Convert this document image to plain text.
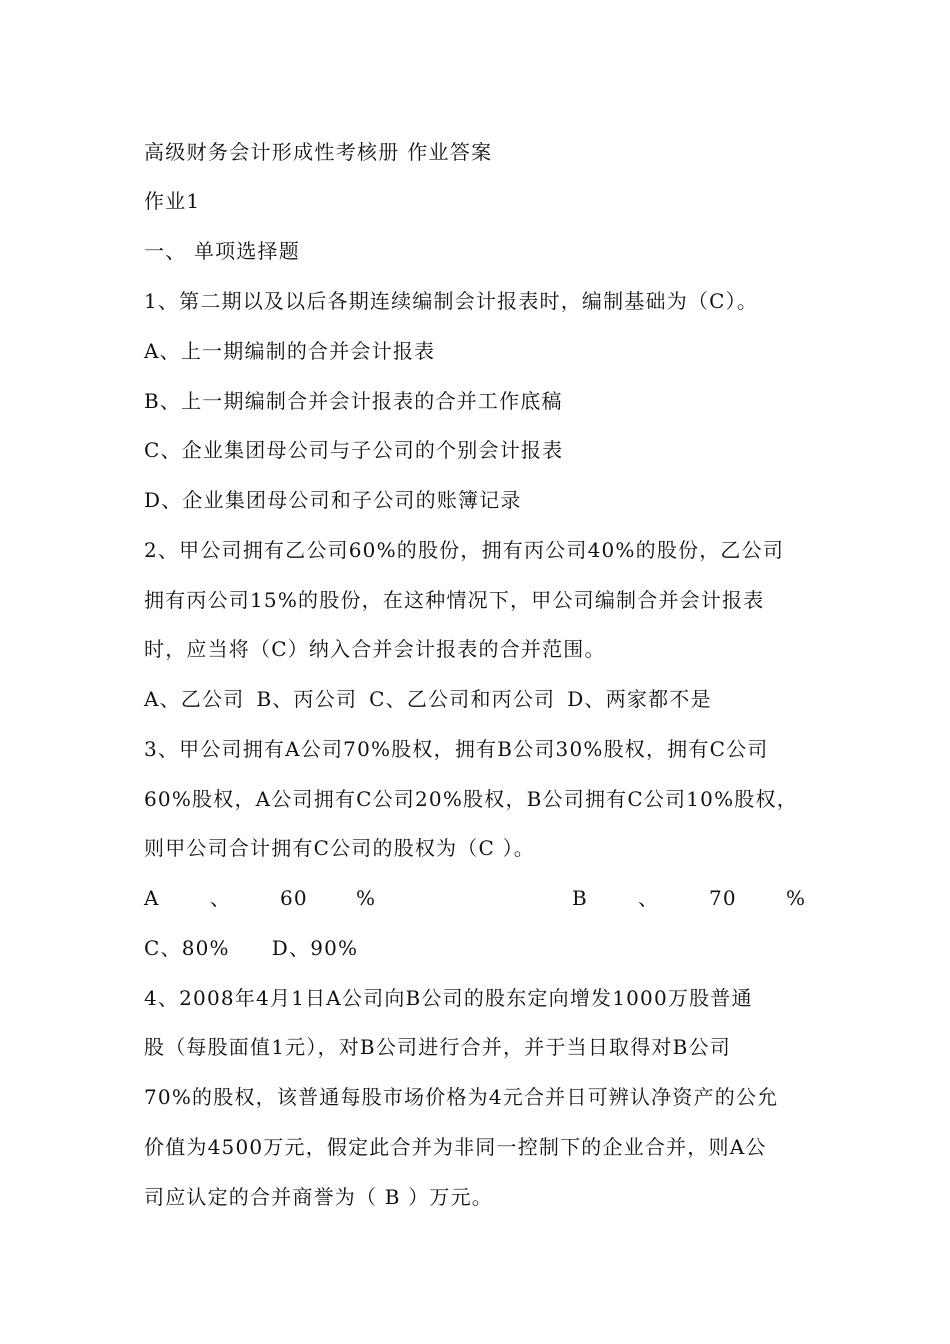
高级财务会计形成性考核册 作业答案
作业1
一、 单项选择题
1、第二期以及以后各期连续编制会计报表时，编制基础为（C）。
A、上一期编制的合并会计报表
B、上一期编制合并会计报表的合并工作底稿
C、企业集团母公司与子公司的个别会计报表
D、企业集团母公司和子公司的账簿记录
2、甲公司拥有乙公司60%的股份，拥有丙公司40%的股份，乙公司
拥有丙公司15%的股份，在这种情况下，甲公司编制合并会计报表
时，应当将（C）纳入合并会计报表的合并范围。
A、乙公司 B、丙公司 C、乙公司和丙公司 D、两家都不是
3、甲公司拥有A公司70%股权，拥有B公司30%股权，拥有C公司
60%股权，A公司拥有C公司20%股权，B公司拥有C公司10%股权，
则甲公司合计拥有C公司的股权为（C ）。
A	、 60 %	B	、 70 %
C、80% D、90%
4、2008年4月1日A公司向B公司的股东定向增发1000万股普通
股（每股面值1元），对B公司进行合并，并于当日取得对B公司
70%的股权，该普通每股市场价格为4元合并日可辨认净资产的公允
价值为4500万元，假定此合并为非同一控制下的企业合并，则A公
司应认定的合并商誉为（ B ）万元。
